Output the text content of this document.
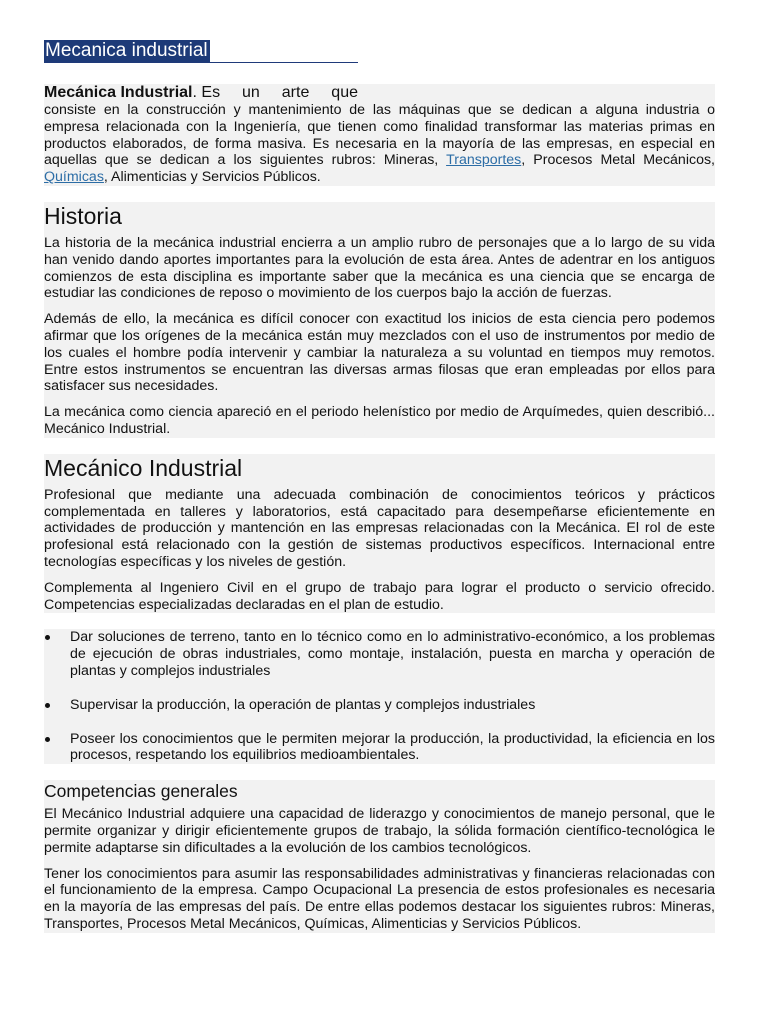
Mecanica industrial
Mecánica Industrial. Es un arte que

consiste en la construcción y mantenimiento de las máquinas que se dedican a alguna industria o empresa relacionada con la Ingeniería, que tienen como finalidad transformar las materias primas en productos elaborados, de forma masiva. Es necesaria en la mayoría de las empresas, en especial en aquellas que se dedican a los siguientes rubros: Mineras, Transportes, Procesos Metal Mecánicos, Químicas, Alimenticias y Servicios Públicos.

Historia

La historia de la mecánica industrial encierra a un amplio rubro de personajes que a lo largo de su vida han venido dando aportes importantes para la evolución de esta área. Antes de adentrar en los antiguos comienzos de esta disciplina es importante saber que la mecánica es una ciencia que se encarga de estudiar las condiciones de reposo o movimiento de los cuerpos bajo la acción de fuerzas.

Además de ello, la mecánica es difícil conocer con exactitud los inicios de esta ciencia pero podemos afirmar que los orígenes de la mecánica están muy mezclados con el uso de instrumentos por medio de los cuales el hombre podía intervenir y cambiar la naturaleza a su voluntad en tiempos muy remotos. Entre estos instrumentos se encuentran las diversas armas filosas que eran empleadas por ellos para satisfacer sus necesidades.

La mecánica como ciencia apareció en el periodo helenístico por medio de Arquímedes, quien describió... Mecánico Industrial.

Mecánico Industrial

Profesional que mediante una adecuada combinación de conocimientos teóricos y prácticos complementada en talleres y laboratorios, está capacitado para desempeñarse eficientemente en actividades de producción y mantención en las empresas relacionadas con la Mecánica. El rol de este profesional está relacionado con la gestión de sistemas productivos específicos. Internacional entre tecnologías específicas y los niveles de gestión.

Complementa al Ingeniero Civil en el grupo de trabajo para lograr el producto o servicio ofrecido. Competencias especializadas declaradas en el plan de estudio.

Dar soluciones de terreno, tanto en lo técnico como en lo administrativo-económico, a los problemas de ejecución de obras industriales, como montaje, instalación, puesta en marcha y operación de plantas y complejos industriales

Supervisar la producción, la operación de plantas y complejos industriales

Poseer los conocimientos que le permiten mejorar la producción, la productividad, la eficiencia en los procesos, respetando los equilibrios medioambientales.

Competencias generales

El Mecánico Industrial adquiere una capacidad de liderazgo y conocimientos de manejo personal, que le permite organizar y dirigir eficientemente grupos de trabajo, la sólida formación científico-tecnológica le permite adaptarse sin dificultades a la evolución de los cambios tecnológicos.

Tener los conocimientos para asumir las responsabilidades administrativas y financieras relacionadas con el funcionamiento de la empresa. Campo Ocupacional La presencia de estos profesionales es necesaria en la mayoría de las empresas del país. De entre ellas podemos destacar los siguientes rubros: Mineras, Transportes, Procesos Metal Mecánicos, Químicas, Alimenticias y Servicios Públicos.
